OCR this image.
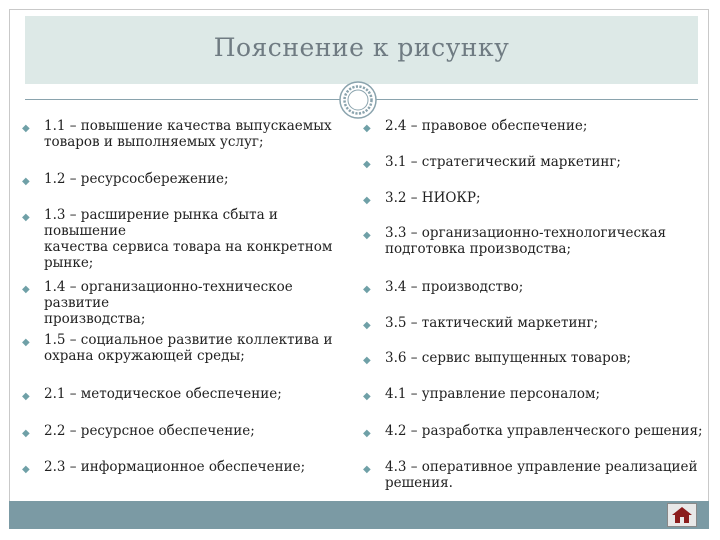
Пояснение к рисунку
◆ 1.1 – повышение качества выпускаемых
товаров и выполняемых услуг;
◆ 1.2 – ресурсосбережение;
◆ 1.3 – расширение рынка сбыта и повышение
качества сервиса товара на конкретном
рынке;
◆ 1.4 – организационно-техническое развитие
производства;
◆ 1.5 – социальное развитие коллектива и
охрана окружающей среды;
◆ 2.1 – методическое обеспечение;
◆ 2.2 – ресурсное обеспечение;
◆ 2.3 – информационное обеспечение;
◆ 2.4 – правовое обеспечение;
◆ 3.1 – стратегический маркетинг;
◆ 3.2 – НИОКР;
◆ 3.3 – организационно-технологическая
подготовка производства;
◆ 3.4 – производство;
◆ 3.5 – тактический маркетинг;
◆ 3.6 – сервис выпущенных товаров;
◆ 4.1 – управление персоналом;
◆ 4.2 – разработка управленческого решения;
◆ 4.3 – оперативное управление реализацией
решения.
